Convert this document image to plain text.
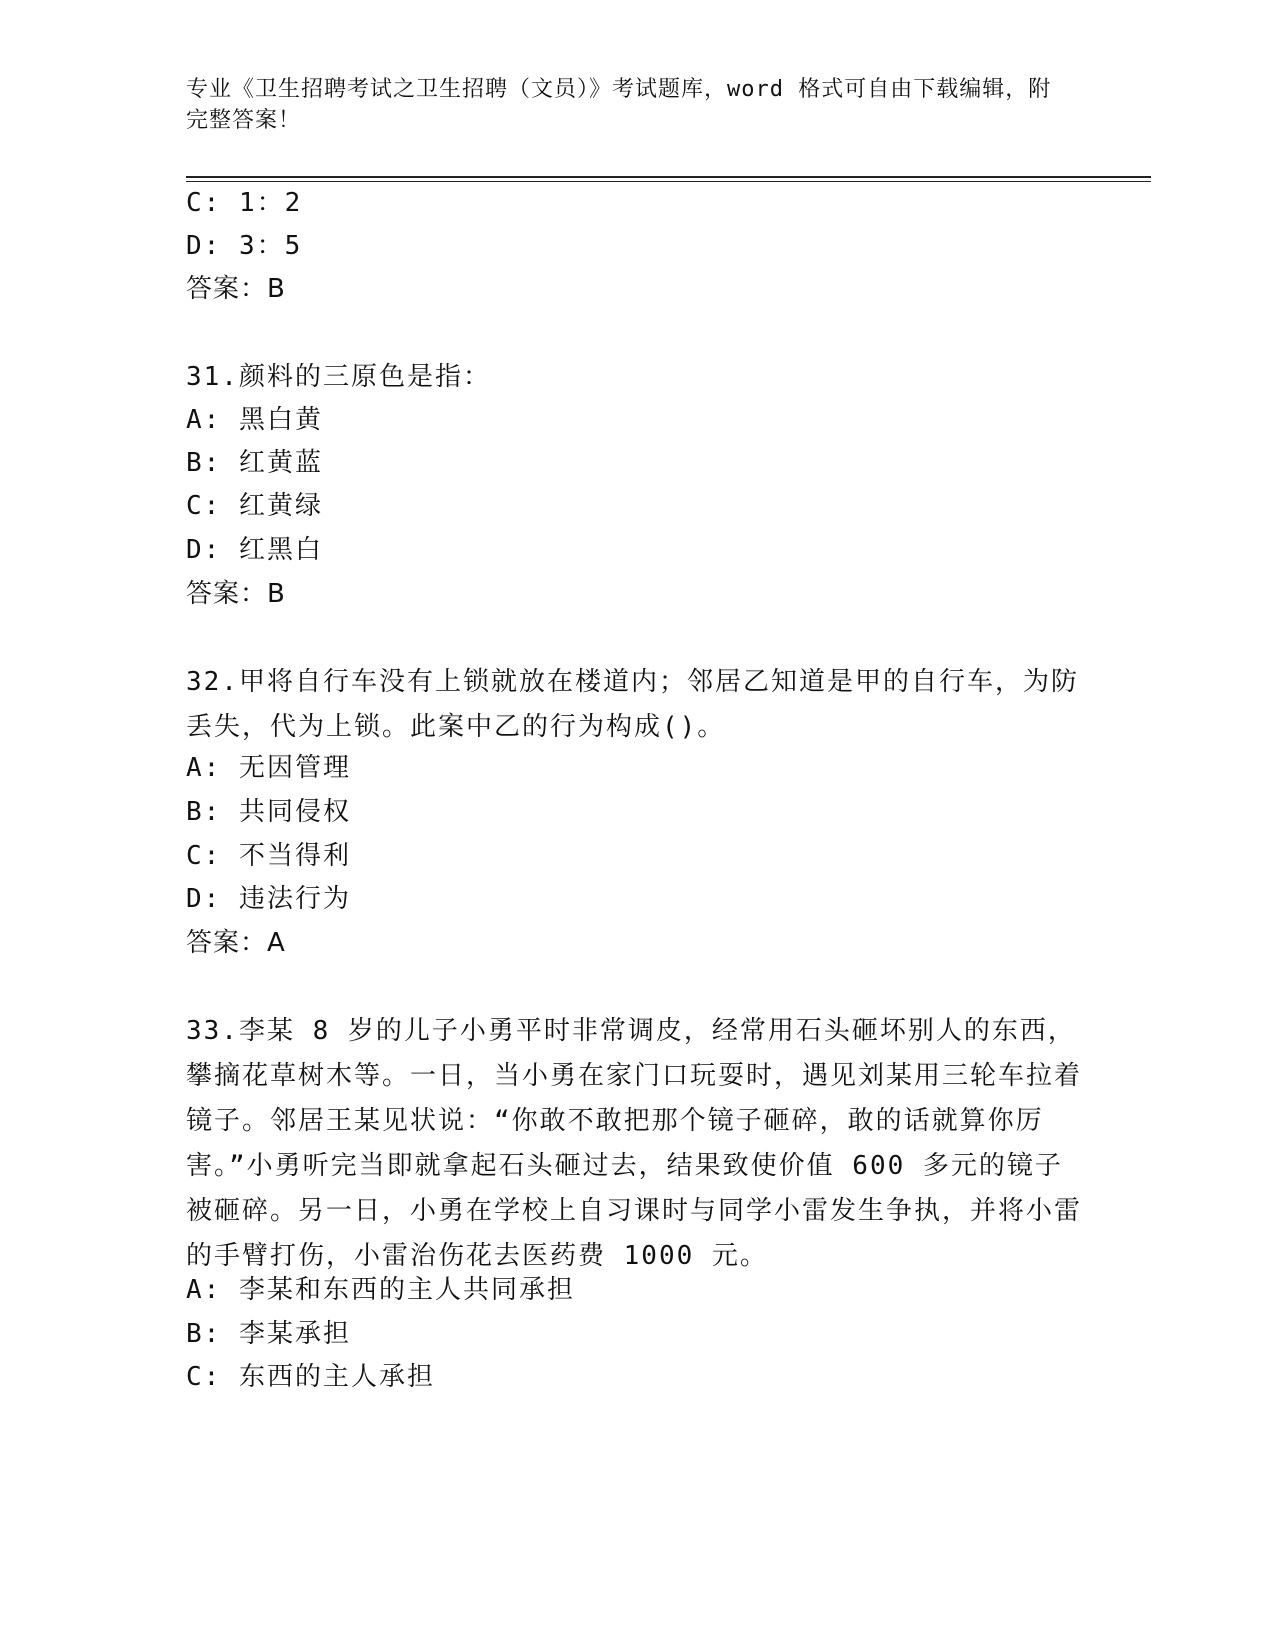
专业《卫生招聘考试之卫生招聘（文员）》考试题库，word 格式可自由下载编辑，附完整答案！
C: 1：2
D: 3：5
答案：B
31.颜料的三原色是指：
A: 黑白黄
B: 红黄蓝
C: 红黄绿
D: 红黑白
答案：B
32.甲将自行车没有上锁就放在楼道内；邻居乙知道是甲的自行车，为防丢失，代为上锁。此案中乙的行为构成()。
A: 无因管理
B: 共同侵权
C: 不当得利
D: 违法行为
答案：A
33.李某 8 岁的儿子小勇平时非常调皮，经常用石头砸坏别人的东西，攀摘花草树木等。一日，当小勇在家门口玩耍时，遇见刘某用三轮车拉着镜子。邻居王某见状说：“你敢不敢把那个镜子砸碎，敢的话就算你厉害。”小勇听完当即就拿起石头砸过去，结果致使价值 600 多元的镜子被砸碎。另一日，小勇在学校上自习课时与同学小雷发生争执，并将小雷的手臂打伤，小雷治伤花去医药费 1000 元。
A: 李某和东西的主人共同承担
B: 李某承担
C: 东西的主人承担
